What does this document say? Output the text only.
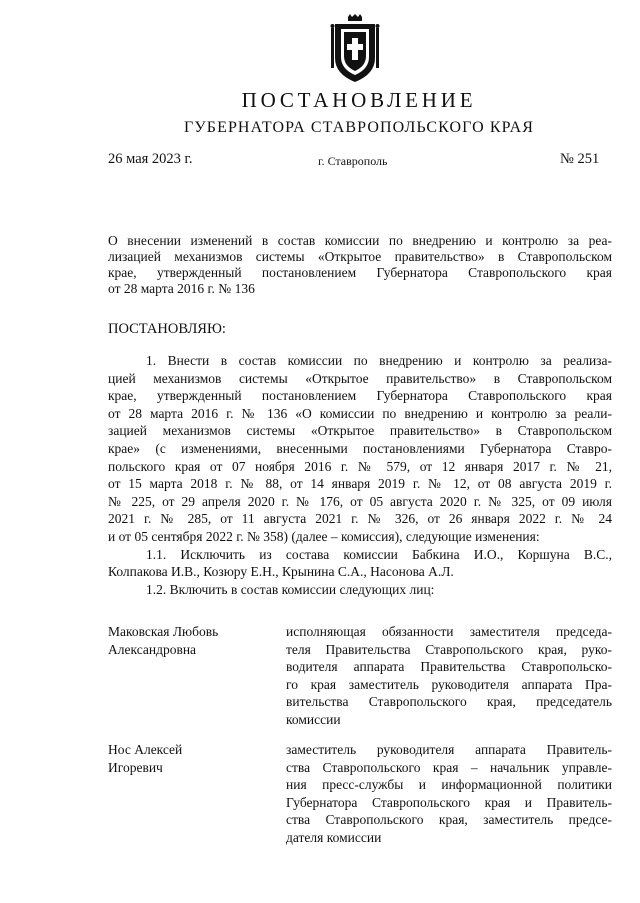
ПОСТАНОВЛЕНИЕ
ГУБЕРНАТОРА СТАВРОПОЛЬСКОГО КРАЯ
26 мая 2023 г.	г. Ставрополь	№ 251

О внесении изменений в состав комиссии по внедрению и контролю за реа-

лизацией механизмов системы «Открытое правительство» в Ставропольском

крае, утвержденный постановлением Губернатора Ставропольского края

от 28 марта 2016 г. № 136

ПОСТАНОВЛЯЮ:

1. Внести в состав комиссии по внедрению и контролю за реализа-

цией механизмов системы «Открытое правительство» в Ставропольском

крае, утвержденный постановлением Губернатора Ставропольского края

от 28 марта 2016 г. № 136 «О комиссии по внедрению и контролю за реали-

зацией механизмов системы «Открытое правительство» в Ставропольском

крае» (с изменениями, внесенными постановлениями Губернатора Ставро-

польского края от 07 ноября 2016 г. № 579, от 12 января 2017 г. № 21,

от 15 марта 2018 г. № 88, от 14 января 2019 г. № 12, от 08 августа 2019 г.

№ 225, от 29 апреля 2020 г. № 176, от 05 августа 2020 г. № 325, от 09 июля

2021 г. № 285, от 11 августа 2021 г. № 326, от 26 января 2022 г. № 24

и от 05 сентября 2022 г. № 358) (далее – комиссия), следующие изменения:

1.1. Исключить из состава комиссии Бабкина И.О., Коршуна В.С.,

Колпакова И.В., Козюру Е.Н., Крынина С.А., Насонова А.Л.

1.2. Включить в состав комиссии следующих лиц:

Маковская Любовь
Александровна
исполняющая обязанности заместителя председа-
теля Правительства Ставропольского края, руко-
водителя аппарата Правительства Ставропольско-
го края заместитель руководителя аппарата Пра-
вительства Ставропольского края, председатель
комиссии
Нос Алексей
Игоревич
заместитель руководителя аппарата Правитель-
ства Ставропольского края – начальник управле-
ния пресс-службы и информационной политики
Губернатора Ставропольского края и Правитель-
ства Ставропольского края, заместитель предсе-
дателя комиссии
